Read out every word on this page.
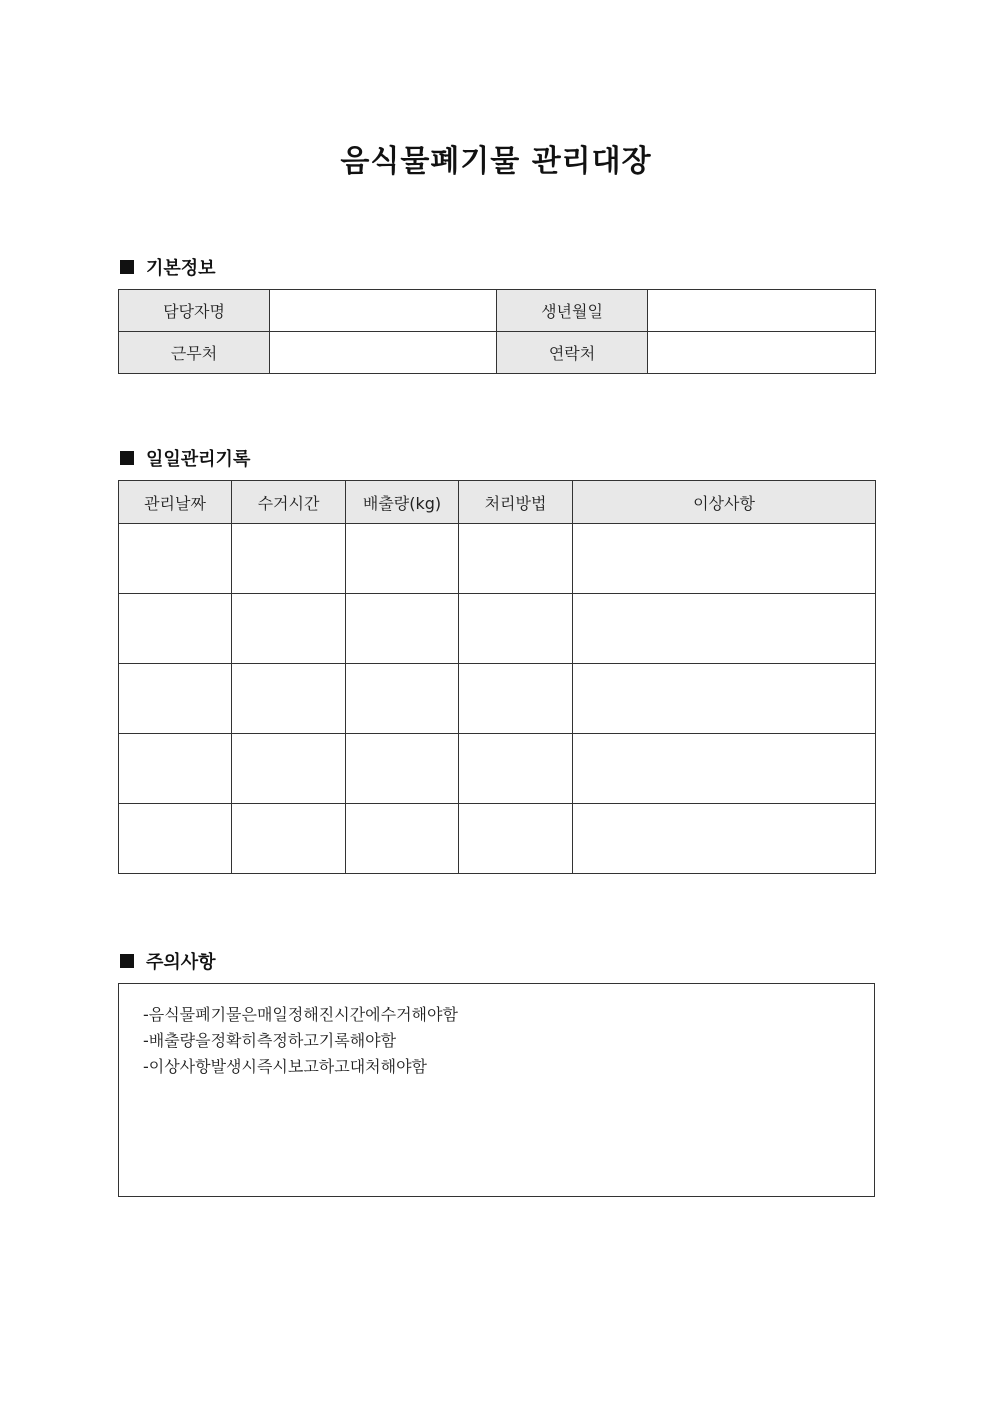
음식물폐기물 관리대장
기본정보
담당자명		생년월일	
근무처		연락처	
일일관리기록
관리날짜	수거시간	배출량(kg)	처리방법	이상사항

주의사항
-음식물폐기물은매일정해진시간에수거해야함
-배출량을정확히측정하고기록해야함
-이상사항발생시즉시보고하고대처해야함
